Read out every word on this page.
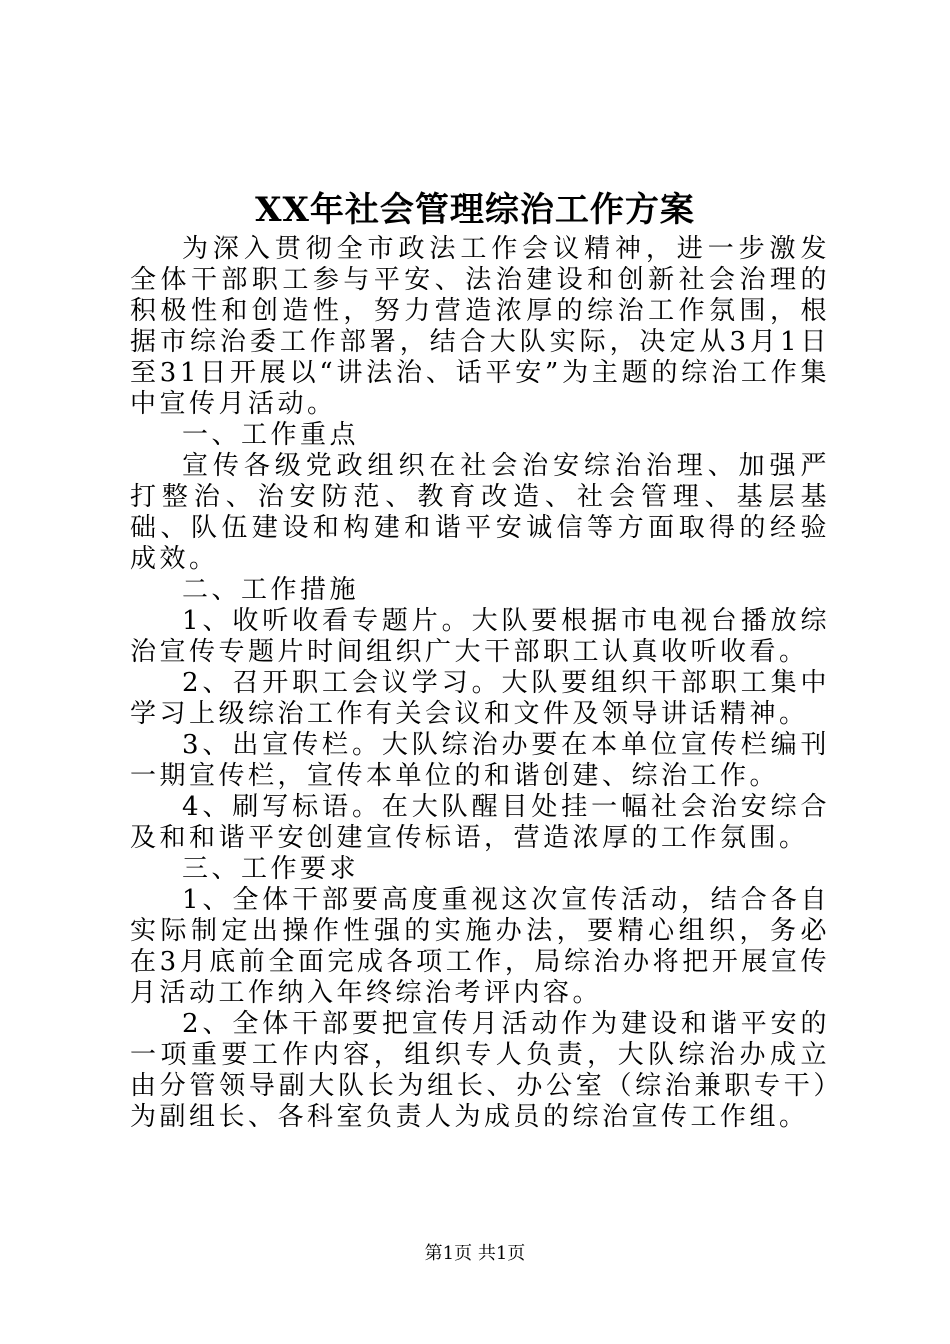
XX年社会管理综治工作方案

为深入贯彻全市政法工作会议精神，进一步激发全体干部职工参与平安、法治建设和创新社会治理的积极性和创造性，努力营造浓厚的综治工作氛围，根据市综治委工作部署，结合大队实际，决定从3月1日至31日开展以“讲法治、话平安”为主题的综治工作集中宣传月活动。

一、工作重点

宣传各级党政组织在社会治安综治治理、加强严打整治、治安防范、教育改造、社会管理、基层基础、队伍建设和构建和谐平安诚信等方面取得的经验成效。

二、工作措施

1、收听收看专题片。大队要根据市电视台播放综治宣传专题片时间组织广大干部职工认真收听收看。

2、召开职工会议学习。大队要组织干部职工集中学习上级综治工作有关会议和文件及领导讲话精神。

3、出宣传栏。大队综治办要在本单位宣传栏编刊一期宣传栏，宣传本单位的和谐创建、综治工作。

4、刷写标语。在大队醒目处挂一幅社会治安综合及和和谐平安创建宣传标语，营造浓厚的工作氛围。

三、工作要求

1、全体干部要高度重视这次宣传活动，结合各自实际制定出操作性强的实施办法，要精心组织，务必在3月底前全面完成各项工作，局综治办将把开展宣传月活动工作纳入年终综治考评内容。

2、全体干部要把宣传月活动作为建设和谐平安的一项重要工作内容，组织专人负责，大队综治办成立由分管领导副大队长为组长、办公室（综治兼职专干）为副组长、各科室负责人为成员的综治宣传工作组。

第1页 共1页
